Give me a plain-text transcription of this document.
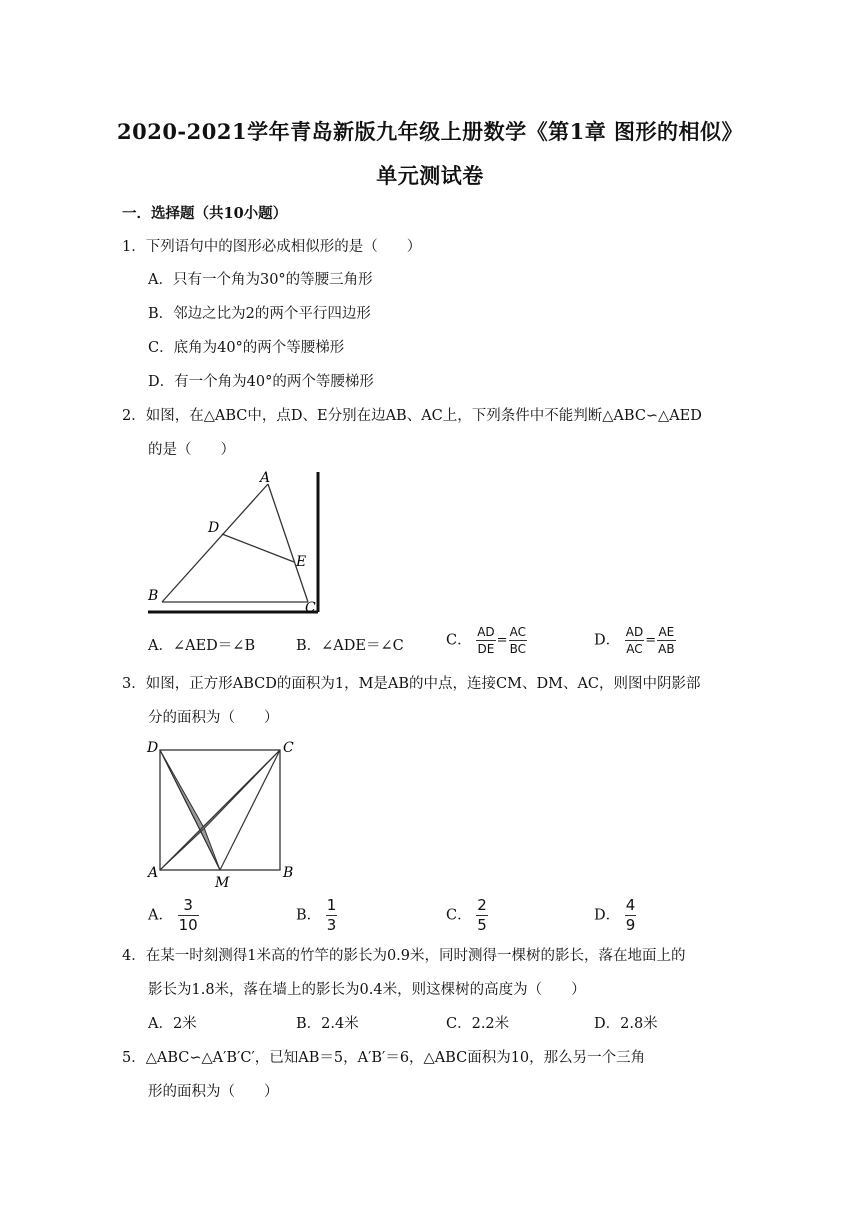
2020-2021学年青岛新版九年级上册数学《第1章 图形的相似》
单元测试卷
一．选择题（共10小题）
1．下列语句中的图形必成相似形的是（　　）
A．只有一个角为30°的等腰三角形
B．邻边之比为2的两个平行四边形
C．底角为40°的两个等腰梯形
D．有一个角为40°的两个等腰梯形
2．如图，在△ABC中，点D、E分别在边AB、AC上，下列条件中不能判断△ABC∽△AED
的是（　　）
A
B
C
D
E
A．∠AED＝∠B	B．∠ADE＝∠C	C． $\frac{AD}{DE} = \frac{AC}{BC}$	D． $\frac{AD}{AC} = \frac{AE}{AB}$
3．如图，正方形ABCD的面积为1，M是AB的中点，连接CM、DM、AC，则图中阴影部
分的面积为（　　）
D	C
A	B
M
A． $\frac{3}{10}$	B． $\frac{1}{3}$	C． $\frac{2}{5}$	D． $\frac{4}{9}$
4．在某一时刻测得1米高的竹竿的影长为0.9米，同时测得一棵树的影长，落在地面上的
影长为1.8米，落在墙上的影长为0.4米，则这棵树的高度为（　　）
A．2米	B．2.4米	C．2.2米	D．2.8米
5．△ABC∽△A′B′C′，已知AB＝5，A′B′＝6，△ABC面积为10，那么另一个三角
形的面积为（　　）
